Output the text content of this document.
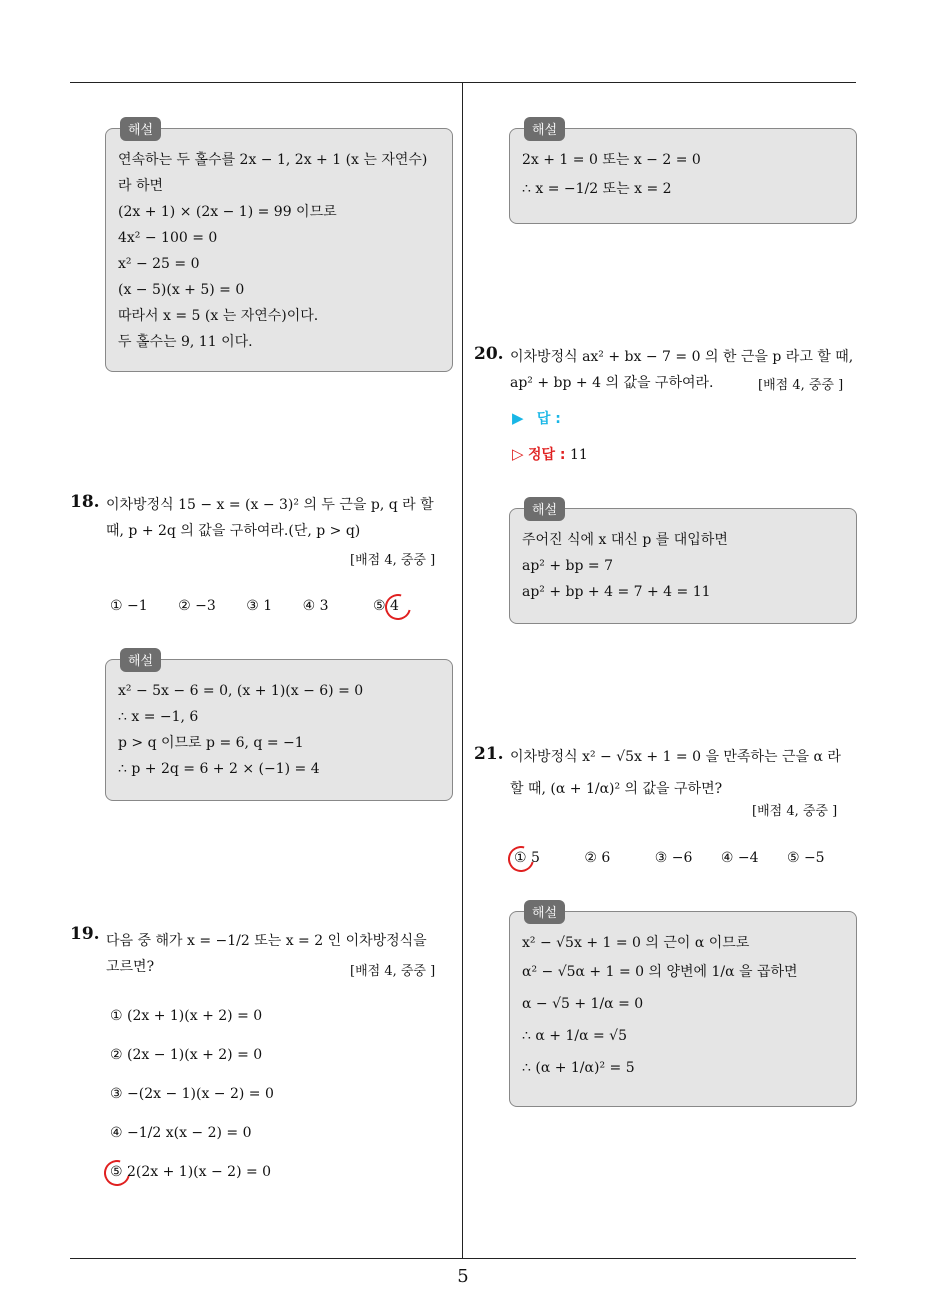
5
해설
연속하는 두 홀수를 2x − 1, 2x + 1 (x 는 자연수)
라 하면
(2x + 1) × (2x − 1) = 99 이므로
4x² − 100 = 0
x² − 25 = 0
(x − 5)(x + 5) = 0
따라서 x = 5 (x 는 자연수)이다.
두 홀수는 9, 11 이다.
18. 이차방정식 15 − x = (x − 3)² 의 두 근을 p, q 라 할
때, p + 2q 의 값을 구하여라.(단, p > q)
[배점 4, 중중 ]
① −1 ② −3 ③ 1 ④ 3	⑤ 4
해설
x² − 5x − 6 = 0, (x + 1)(x − 6) = 0
∴ x = −1, 6
p > q 이므로 p = 6, q = −1
∴ p + 2q = 6 + 2 × (−1) = 4
19. 다음 중 해가 x = −1/2 또는 x = 2 인 이차방정식을
고르면?	[배점 4, 중중 ]
① (2x + 1)(x + 2) = 0
② (2x − 1)(x + 2) = 0
③ −(2x − 1)(x − 2) = 0
④ −1/2 x(x − 2) = 0
⑤ 2(2x + 1)(x − 2) = 0
해설
2x + 1 = 0 또는 x − 2 = 0
∴ x = −1/2 또는 x = 2
20. 이차방정식 ax² + bx − 7 = 0 의 한 근을 p 라고 할 때,
ap² + bp + 4 의 값을 구하여라.	[배점 4, 중중 ]
▶ 답 :
▷ 정답 : 11
해설
주어진 식에 x 대신 p 를 대입하면
ap² + bp = 7
ap² + bp + 4 = 7 + 4 = 11
21. 이차방정식 x² − √5x + 1 = 0 을 만족하는 근을 α 라
할 때, (α + 1/α)² 의 값을 구하면?
[배점 4, 중중 ]
① 5	② 6	③ −6 ④ −4 ⑤ −5
해설
x² − √5x + 1 = 0 의 근이 α 이므로
α² − √5α + 1 = 0 의 양변에 1/α 을 곱하면
α − √5 + 1/α = 0
∴ α + 1/α = √5
∴ (α + 1/α)² = 5
